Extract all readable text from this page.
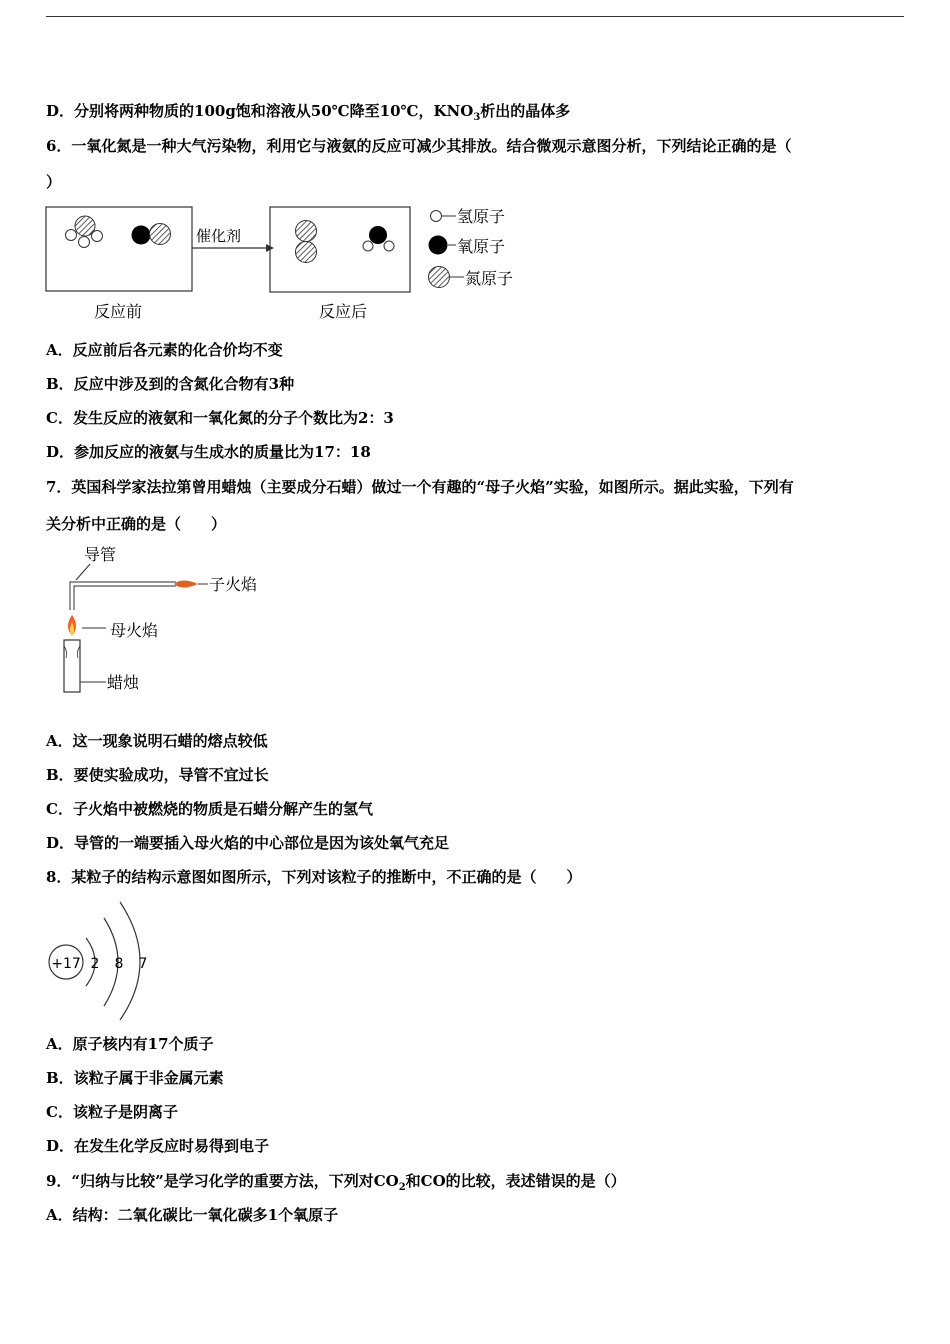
D．分别将两种物质的100g饱和溶液从50℃降至10℃，$KNO_3$析出的晶体多
6．一氧化氮是一种大气污染物，利用它与液氨的反应可减少其排放。结合微观示意图分析，下列结论正确的是（
）
催化剂
反应前	反应后
氢原子
氧原子
氮原子
A．反应前后各元素的化合价均不变
B．反应中涉及到的含氮化合物有3种
C．发生反应的液氨和一氧化氮的分子个数比为2：3
D．参加反应的液氨与生成水的质量比为17：18
7．英国科学家法拉第曾用蜡烛（主要成分石蜡）做过一个有趣的“母子火焰”实验，如图所示。据此实验，下列有
关分析中正确的是（　　）
导管
子火焰
母火焰
蜡烛
A．这一现象说明石蜡的熔点较低
B．要使实验成功，导管不宜过长
C．子火焰中被燃烧的物质是石蜡分解产生的氢气
D．导管的一端要插入母火焰的中心部位是因为该处氧气充足
8．某粒子的结构示意图如图所示，下列对该粒子的推断中，不正确的是（　　）
+17 2 8 7
A．原子核内有17个质子
B．该粒子属于非金属元素
C．该粒子是阴离子
D．在发生化学反应时易得到电子
9．“归纳与比较”是学习化学的重要方法，下列对$CO_2$和CO的比较，表述错误的是（）
A．结构：二氧化碳比一氧化碳多1个氧原子
